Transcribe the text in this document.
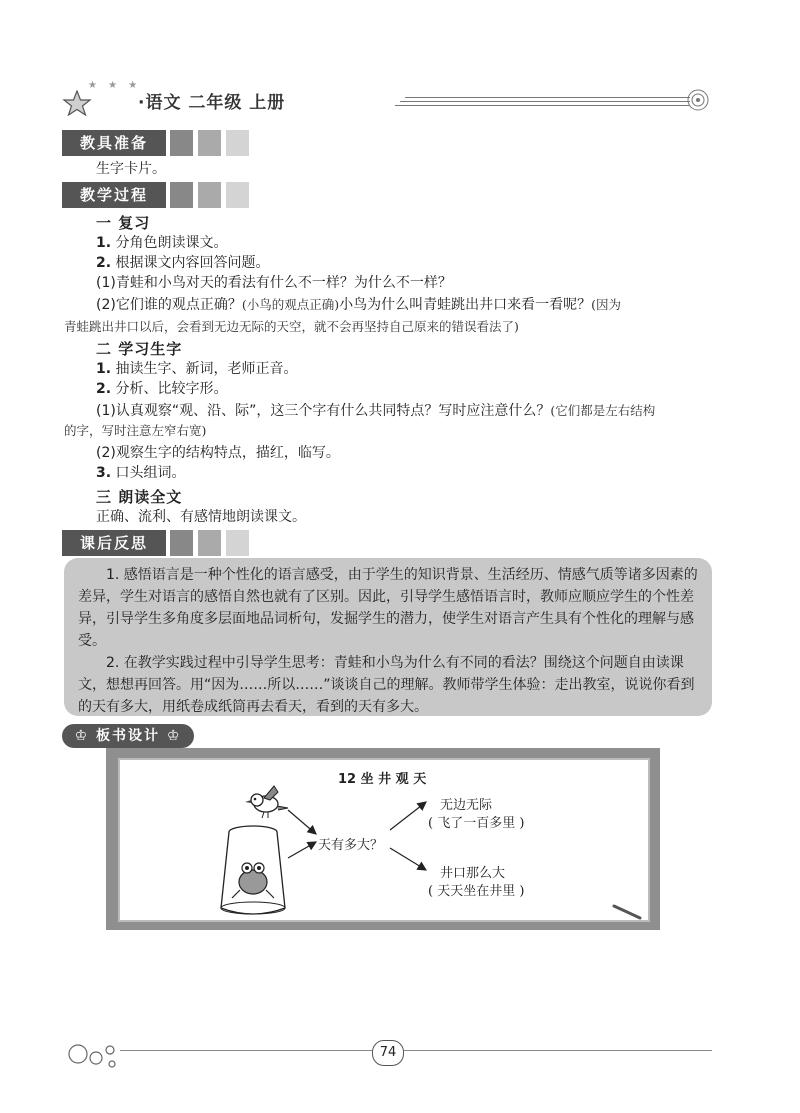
★ ★ ★
·语文 二年级 上册
教具准备
生字卡片。
教学过程
一 复习
1. 分角色朗读课文。
2. 根据课文内容回答问题。
(1)青蛙和小鸟对天的看法有什么不一样？为什么不一样？
(2)它们谁的观点正确？(小鸟的观点正确)小鸟为什么叫青蛙跳出井口来看一看呢？(因为
青蛙跳出井口以后，会看到无边无际的天空，就不会再坚持自己原来的错误看法了)
二 学习生字
1. 抽读生字、新词，老师正音。
2. 分析、比较字形。
(1)认真观察“观、沿、际”，这三个字有什么共同特点？写时应注意什么？(它们都是左右结构
的字，写时注意左窄右宽)
(2)观察生字的结构特点，描红，临写。
3. 口头组词。
三 朗读全文
正确、流利、有感情地朗读课文。
课后反思

1. 感悟语言是一种个性化的语言感受，由于学生的知识背景、生活经历、情感气质等诸多因素的差异，学生对语言的感悟自然也就有了区别。因此，引导学生感悟语言时，教师应顺应学生的个性差异，引导学生多角度多层面地品词析句，发掘学生的潜力，使学生对语言产生具有个性化的理解与感受。

2. 在教学实践过程中引导学生思考：青蛙和小鸟为什么有不同的看法？围绕这个问题自由读课文，想想再回答。用“因为……所以……”谈谈自己的理解。教师带学生体验：走出教室，说说你看到的天有多大，用纸卷成纸筒再去看天，看到的天有多大。

♔ 板书设计 ♔
12 坐 井 观 天
天有多大？
无边无际
( 飞了一百多里 )
井口那么大
( 天天坐在井里 )
74
